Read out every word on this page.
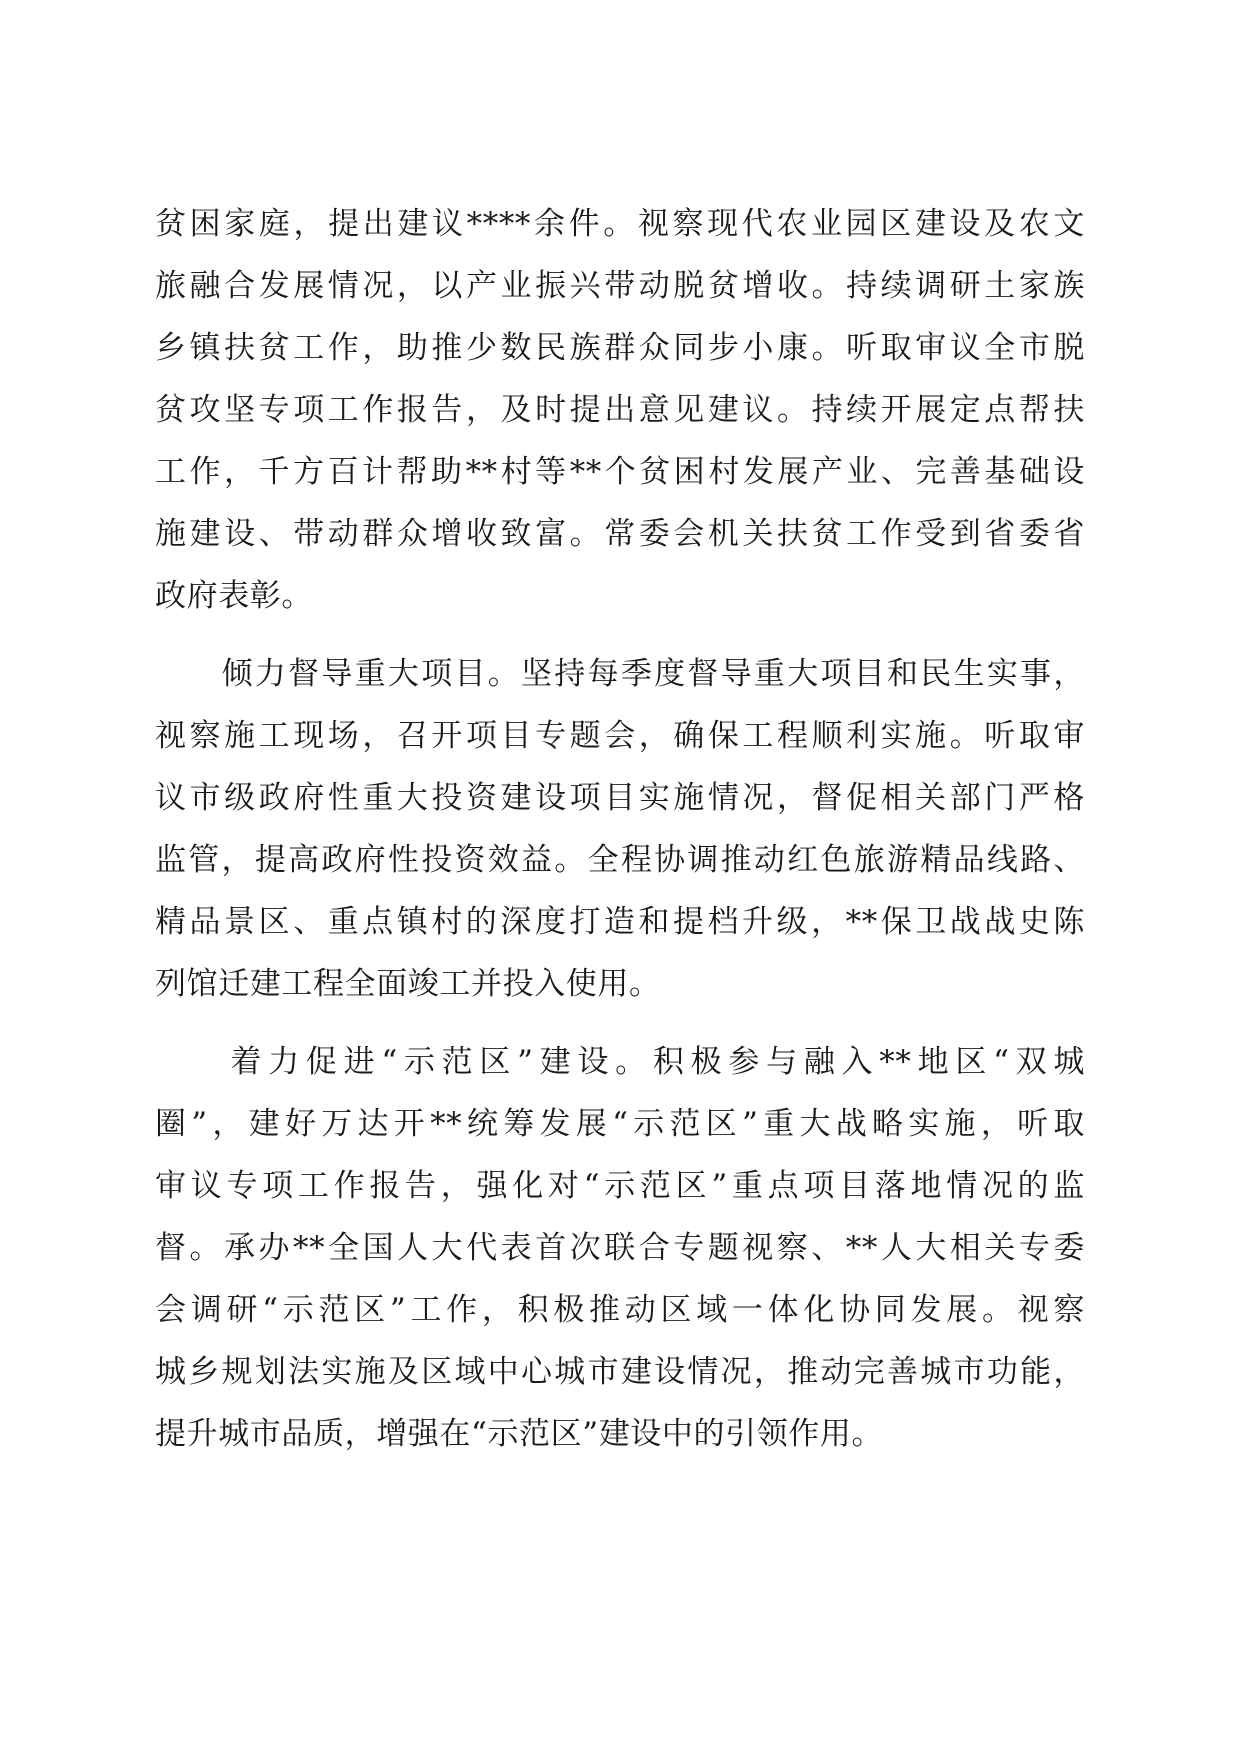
贫困家庭，提出建议****余件。视察现代农业园区建设及农文
旅融合发展情况，以产业振兴带动脱贫增收。持续调研土家族
乡镇扶贫工作，助推少数民族群众同步小康。听取审议全市脱
贫攻坚专项工作报告，及时提出意见建议。持续开展定点帮扶
工作，千方百计帮助**村等**个贫困村发展产业、完善基础设
施建设、带动群众增收致富。常委会机关扶贫工作受到省委省
政府表彰。
　　倾力督导重大项目。坚持每季度督导重大项目和民生实事，
视察施工现场，召开项目专题会，确保工程顺利实施。听取审
议市级政府性重大投资建设项目实施情况，督促相关部门严格
监管，提高政府性投资效益。全程协调推动红色旅游精品线路、
精品景区、重点镇村的深度打造和提档升级，**保卫战战史陈
列馆迁建工程全面竣工并投入使用。
　　着力促进“示范区”建设。积极参与融入**地区“双城
圈”，建好万达开**统筹发展“示范区”重大战略实施，听取
审议专项工作报告，强化对“示范区”重点项目落地情况的监
督。承办**全国人大代表首次联合专题视察、**人大相关专委
会调研“示范区”工作，积极推动区域一体化协同发展。视察
城乡规划法实施及区域中心城市建设情况，推动完善城市功能，
提升城市品质，增强在“示范区”建设中的引领作用。
